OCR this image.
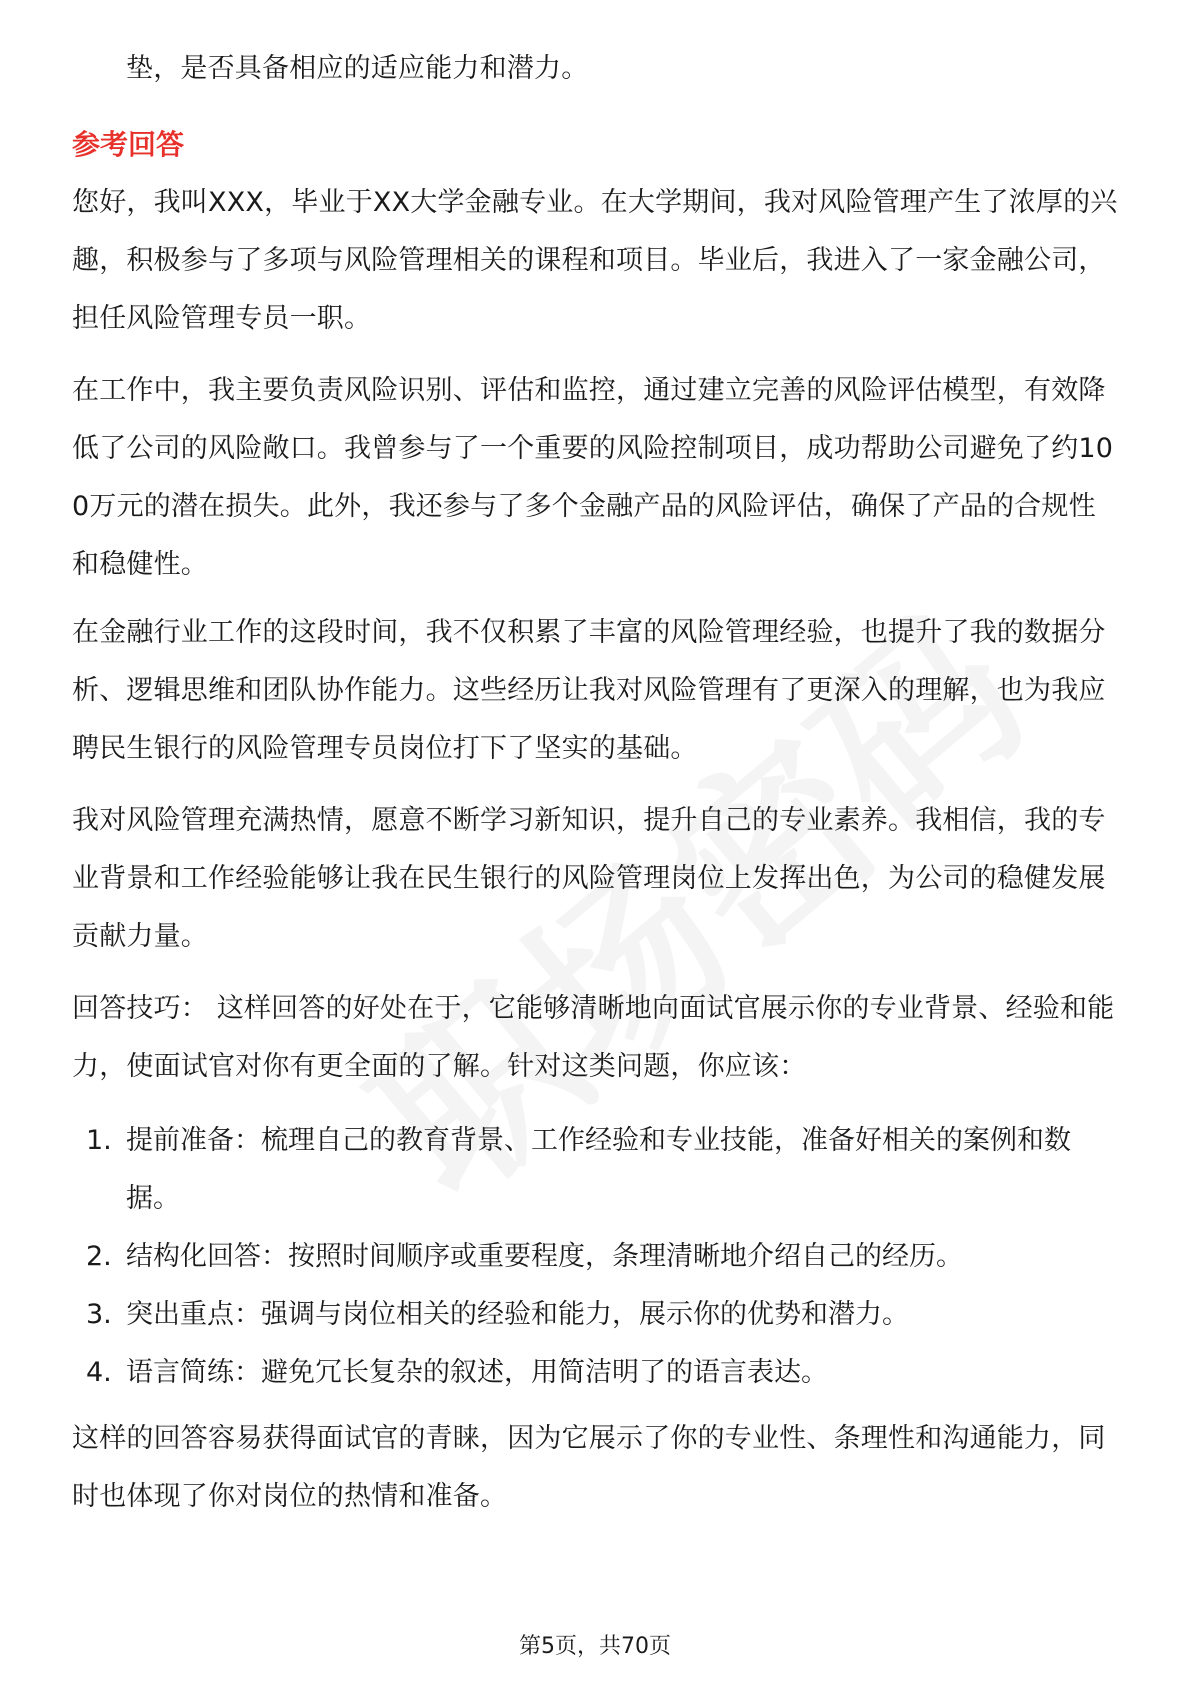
垫，是否具备相应的适应能力和潜力。
参考回答
您好，我叫XXX，毕业于XX大学金融专业。在大学期间，我对风险管理产生了浓厚的兴趣，积极参与了多项与风险管理相关的课程和项目。毕业后，我进入了一家金融公司，担任风险管理专员一职。
在工作中，我主要负责风险识别、评估和监控，通过建立完善的风险评估模型，有效降低了公司的风险敞口。我曾参与了一个重要的风险控制项目，成功帮助公司避免了约100万元的潜在损失。此外，我还参与了多个金融产品的风险评估，确保了产品的合规性和稳健性。
在金融行业工作的这段时间，我不仅积累了丰富的风险管理经验，也提升了我的数据分析、逻辑思维和团队协作能力。这些经历让我对风险管理有了更深入的理解，也为我应聘民生银行的风险管理专员岗位打下了坚实的基础。
我对风险管理充满热情，愿意不断学习新知识，提升自己的专业素养。我相信，我的专业背景和工作经验能够让我在民生银行的风险管理岗位上发挥出色，为公司的稳健发展贡献力量。
回答技巧： 这样回答的好处在于，它能够清晰地向面试官展示你的专业背景、经验和能力，使面试官对你有更全面的了解。针对这类问题，你应该：
1. 提前准备：梳理自己的教育背景、工作经验和专业技能，准备好相关的案例和数据。
2. 结构化回答：按照时间顺序或重要程度，条理清晰地介绍自己的经历。
3. 突出重点：强调与岗位相关的经验和能力，展示你的优势和潜力。
4. 语言简练：避免冗长复杂的叙述，用简洁明了的语言表达。
这样的回答容易获得面试官的青睐，因为它展示了你的专业性、条理性和沟通能力，同时也体现了你对岗位的热情和准备。
第5页，共70页
